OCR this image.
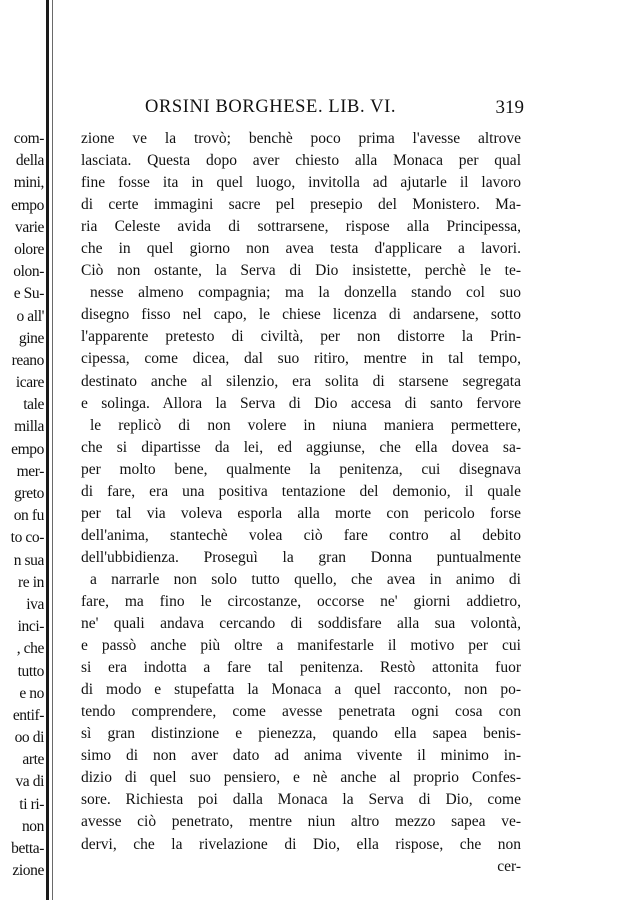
com-
della
mini,
empo
varie
olore
olon-
e Su-
o all'
gine
reano
icare
tale
milla
empo
mer-
greto
on fu
to co-
n sua
re in
iva
inci-
, che
tutto
e no
entif-
oo di
arte
va di
ti ri-
non
betta-
zione
ORSINI BORGHESE. LIB. VI.	319
zione ve la trovò; benchè poco prima l'avesse altrove
lasciata. Questa dopo aver chiesto alla Monaca per qual
fine fosse ita in quel luogo, invitolla ad ajutarle il lavoro
di certe immagini sacre pel presepio del Monistero. Ma-
ria Celeste avida di sottrarsene, rispose alla Principessa,
che in quel giorno non avea testa d'applicare a lavori.
Ciò non ostante, la Serva di Dio insistette, perchè le te-
nesse almeno compagnia; ma la donzella stando col suo
disegno fisso nel capo, le chiese licenza di andarsene, sotto
l'apparente pretesto di civiltà, per non distorre la Prin-
cipessa, come dicea, dal suo ritiro, mentre in tal tempo,
destinato anche al silenzio, era solita di starsene segregata
e solinga. Allora la Serva di Dio accesa di santo fervore
le replicò di non volere in niuna maniera permettere,
che si dipartisse da lei, ed aggiunse, che ella dovea sa-
per molto bene, qualmente la penitenza, cui disegnava
di fare, era una positiva tentazione del demonio, il quale
per tal via voleva esporla alla morte con pericolo forse
dell'anima, stantechè volea ciò fare contro al debito
dell'ubbidienza. Proseguì la gran Donna puntualmente
a narrarle non solo tutto quello, che avea in animo di
fare, ma fino le circostanze, occorse ne' giorni addietro,
ne' quali andava cercando di soddisfare alla sua volontà,
e passò anche più oltre a manifestarle il motivo per cui
si era indotta a fare tal penitenza. Restò attonita fuor
di modo e stupefatta la Monaca a quel racconto, non po-
tendo comprendere, come avesse penetrata ogni cosa con
sì gran distinzione e pienezza, quando ella sapea benis-
simo di non aver dato ad anima vivente il minimo in-
dizio di quel suo pensiero, e nè anche al proprio Confes-
sore. Richiesta poi dalla Monaca la Serva di Dio, come
avesse ciò penetrato, mentre niun altro mezzo sapea ve-
dervi, che la rivelazione di Dio, ella rispose, che non
cer-
